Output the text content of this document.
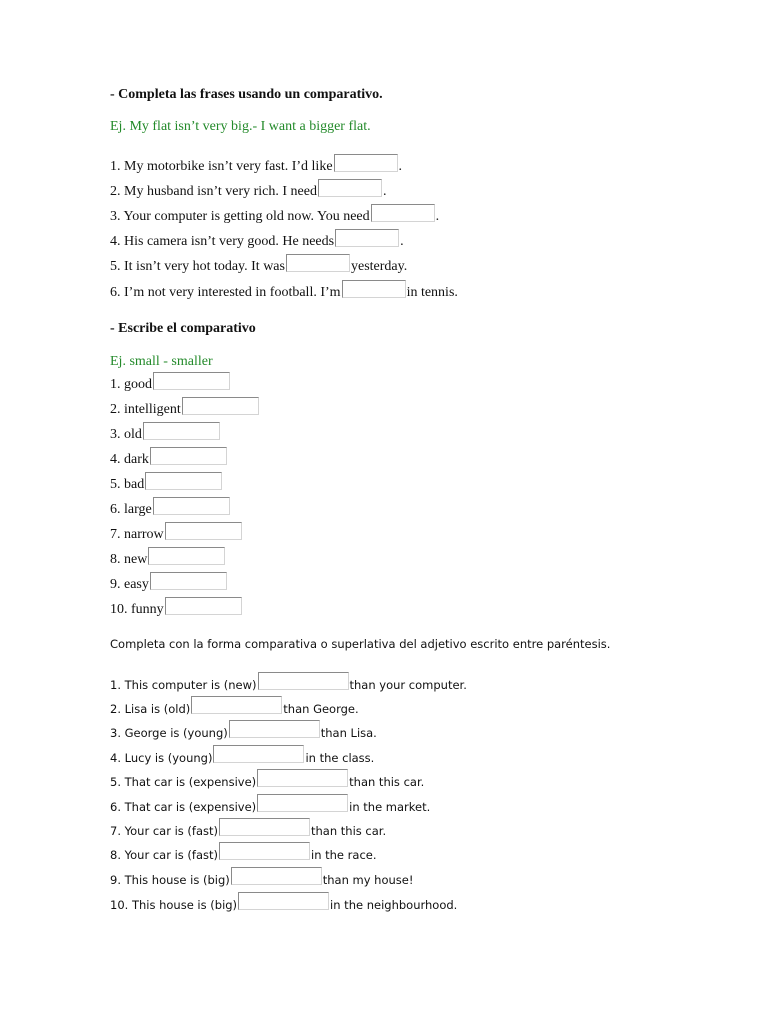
- Completa las frases usando un comparativo.
Ej. My flat isn’t very big.- I want a bigger flat.
1. My motorbike isn’t very fast. I’d like	.
2. My husband isn’t very rich. I need	.
3. Your computer is getting old now. You need	.
4. His camera isn’t very good. He needs	.
5. It isn’t very hot today. It was	yesterday.
6. I’m not very interested in football. I’m	in tennis.
- Escribe el comparativo
Ej. small - smaller
1. good
2. intelligent
3. old
4. dark
5. bad
6. large
7. narrow
8. new
9. easy
10. funny
Completa con la forma comparativa o superlativa del adjetivo escrito entre paréntesis.
1. This computer is (new)	than your computer.
2. Lisa is (old)	than George.
3. George is (young)	than Lisa.
4. Lucy is (young)	in the class.
5. That car is (expensive)	than this car.
6. That car is (expensive)	in the market.
7. Your car is (fast)	than this car.
8. Your car is (fast)	in the race.
9. This house is (big)	than my house!
10. This house is (big)	in the neighbourhood.
